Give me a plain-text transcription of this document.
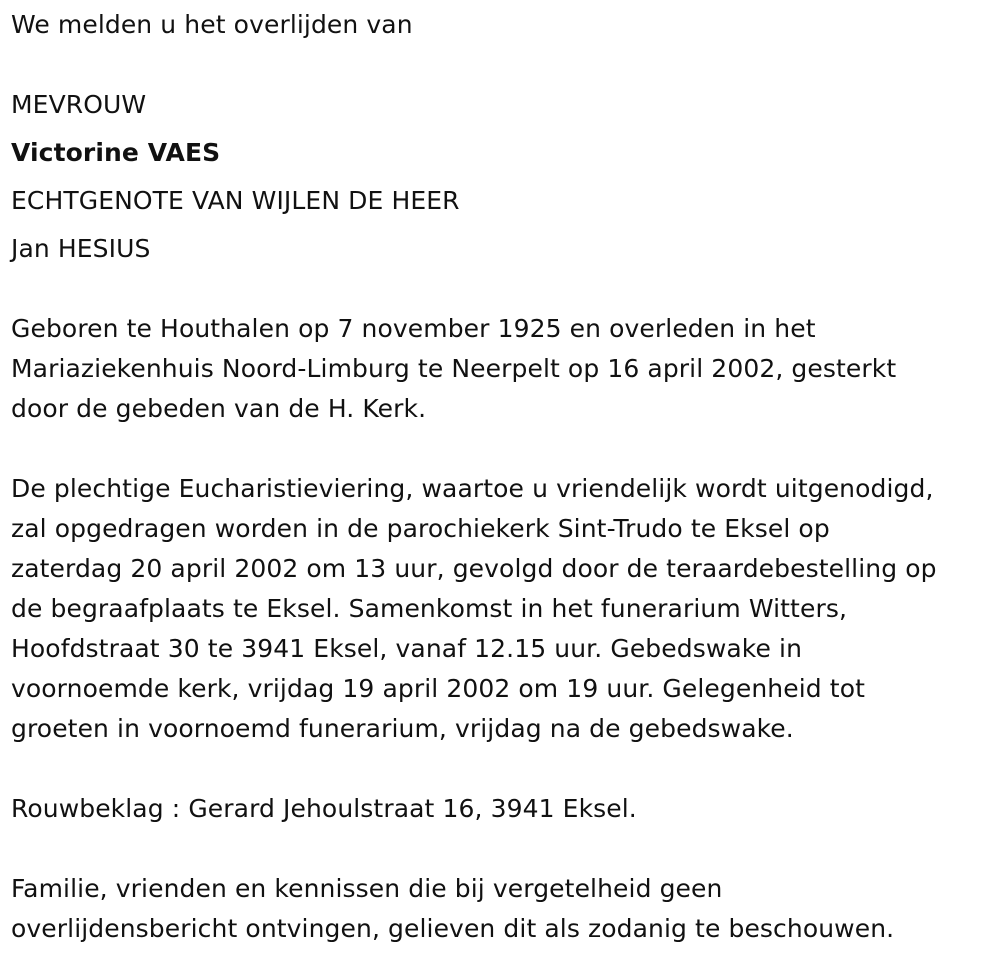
We melden u het overlijden van
MEVROUW
Victorine VAES
ECHTGENOTE VAN WIJLEN DE HEER
Jan HESIUS
Geboren te Houthalen op 7 november 1925 en overleden in het
Mariaziekenhuis Noord-Limburg te Neerpelt op 16 april 2002, gesterkt
door de gebeden van de H. Kerk.
De plechtige Eucharistieviering, waartoe u vriendelijk wordt uitgenodigd,
zal opgedragen worden in de parochiekerk Sint-Trudo te Eksel op
zaterdag 20 april 2002 om 13 uur, gevolgd door de teraardebestelling op
de begraafplaats te Eksel. Samenkomst in het funerarium Witters,
Hoofdstraat 30 te 3941 Eksel, vanaf 12.15 uur. Gebedswake in
voornoemde kerk, vrijdag 19 april 2002 om 19 uur. Gelegenheid tot
groeten in voornoemd funerarium, vrijdag na de gebedswake.
Rouwbeklag : Gerard Jehoulstraat 16, 3941 Eksel.
Familie, vrienden en kennissen die bij vergetelheid geen
overlijdensbericht ontvingen, gelieven dit als zodanig te beschouwen.
